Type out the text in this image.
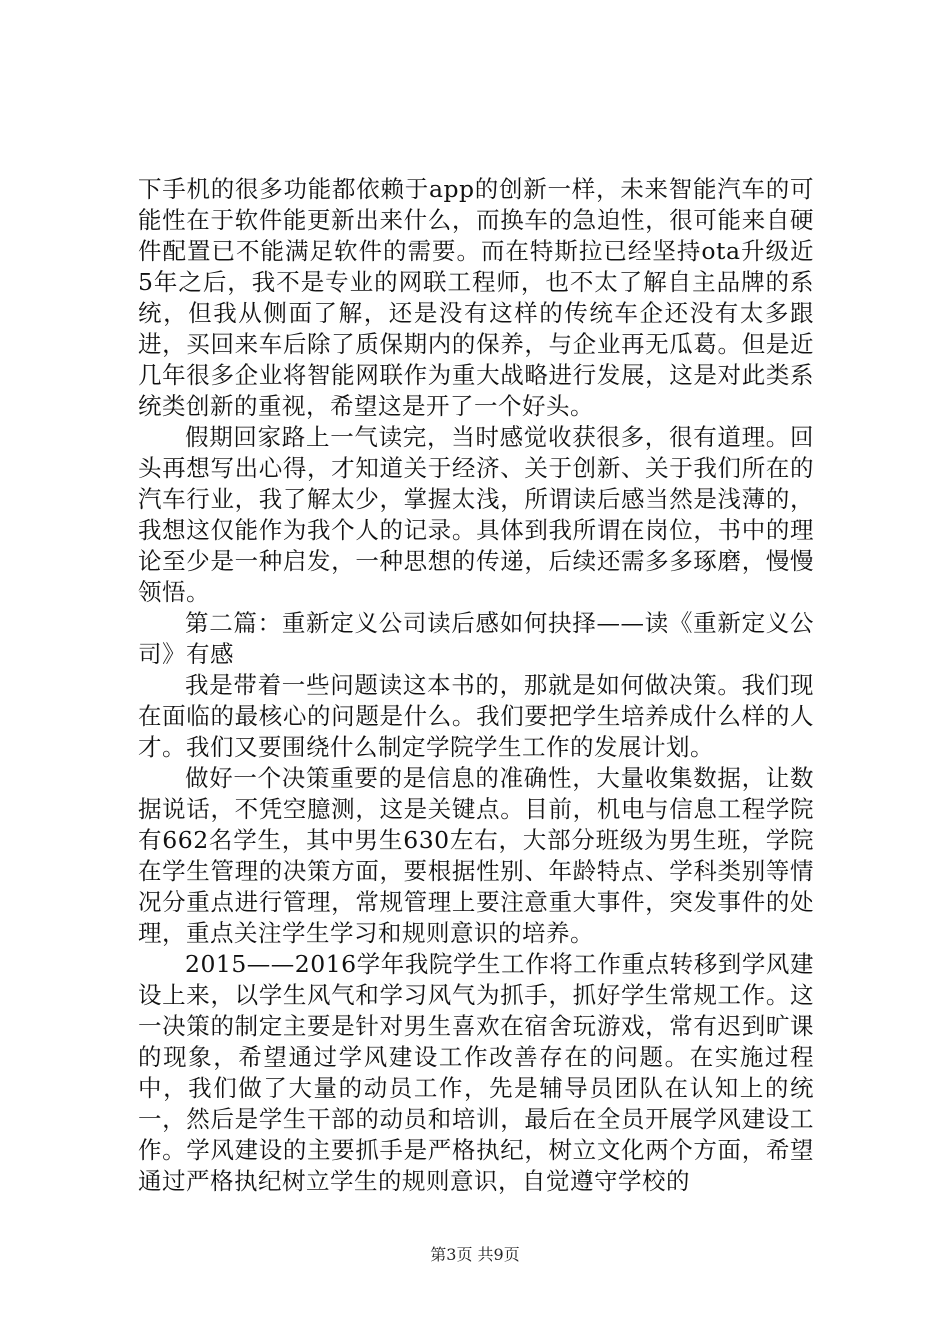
下手机的很多功能都依赖于app的创新一样，未来智能汽车的可能性在于软件能更新出来什么，而换车的急迫性，很可能来自硬件配置已不能满足软件的需要。而在特斯拉已经坚持ota升级近5年之后，我不是专业的网联工程师，也不太了解自主品牌的系统，但我从侧面了解，还是没有这样的传统车企还没有太多跟进，买回来车后除了质保期内的保养，与企业再无瓜葛。但是近几年很多企业将智能网联作为重大战略进行发展，这是对此类系统类创新的重视，希望这是开了一个好头。

假期回家路上一气读完，当时感觉收获很多，很有道理。回头再想写出心得，才知道关于经济、关于创新、关于我们所在的汽车行业，我了解太少，掌握太浅，所谓读后感当然是浅薄的，我想这仅能作为我个人的记录。具体到我所谓在岗位，书中的理论至少是一种启发，一种思想的传递，后续还需多多琢磨，慢慢领悟。

第二篇：重新定义公司读后感如何抉择——读《重新定义公司》有感

我是带着一些问题读这本书的，那就是如何做决策。我们现在面临的最核心的问题是什么。我们要把学生培养成什么样的人才。我们又要围绕什么制定学院学生工作的发展计划。

做好一个决策重要的是信息的准确性，大量收集数据，让数据说话，不凭空臆测，这是关键点。目前，机电与信息工程学院有662名学生，其中男生630左右，大部分班级为男生班，学院在学生管理的决策方面，要根据性别、年龄特点、学科类别等情况分重点进行管理，常规管理上要注意重大事件，突发事件的处理，重点关注学生学习和规则意识的培养。

2015——2016学年我院学生工作将工作重点转移到学风建设上来，以学生风气和学习风气为抓手，抓好学生常规工作。这一决策的制定主要是针对男生喜欢在宿舍玩游戏，常有迟到旷课的现象，希望通过学风建设工作改善存在的问题。在实施过程中，我们做了大量的动员工作，先是辅导员团队在认知上的统一，然后是学生干部的动员和培训，最后在全员开展学风建设工作。学风建设的主要抓手是严格执纪，树立文化两个方面，希望通过严格执纪树立学生的规则意识，自觉遵守学校的

第3页 共9页
